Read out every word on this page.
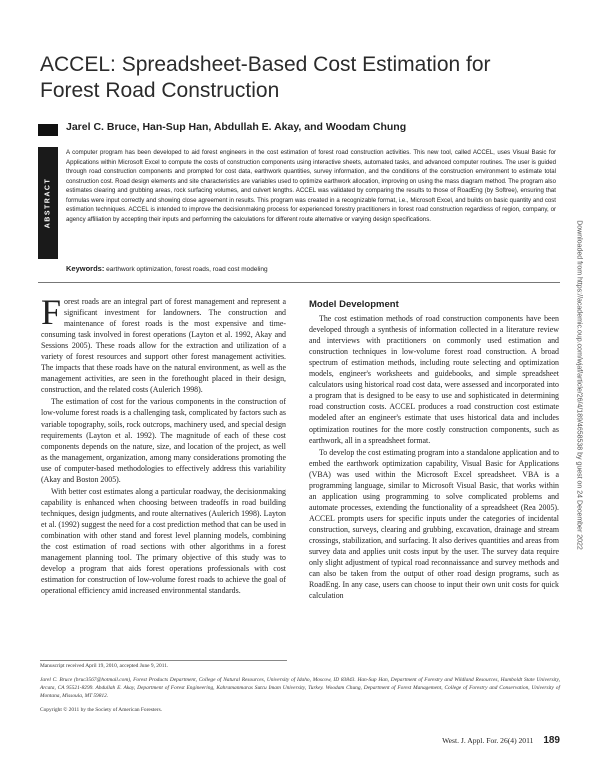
ACCEL: Spreadsheet-Based Cost Estimation for Forest Road Construction
Jarel C. Bruce, Han-Sup Han, Abdullah E. Akay, and Woodam Chung
ABSTRACT

A computer program has been developed to aid forest engineers in the cost estimation of forest road construction activities. This new tool, called ACCEL, uses Visual Basic for Applications within Microsoft Excel to compute the costs of construction components using interactive sheets, automated tasks, and advanced computer routines. The user is guided through road construction components and prompted for cost data, earthwork quantities, survey information, and the conditions of the construction environment to estimate total construction cost. Road design elements and site characteristics are variables used to optimize earthwork allocation, improving on using the mass diagram method. The program also estimates clearing and grubbing areas, rock surfacing volumes, and culvert lengths. ACCEL was validated by comparing the results to those of RoadEng (by Softree), ensuring that formulas were input correctly and showing close agreement in results. This program was created in a recognizable format, i.e., Microsoft Excel, and builds on basic quantity and cost estimation techniques. ACCEL is intended to improve the decisionmaking process for experienced forestry practitioners in forest road construction regardless of region, company, or agency affiliation by accepting their inputs and performing the calculations for different route alternative or varying design specifications.

Keywords: earthwork optimization, forest roads, road cost modeling

Forest roads are an integral part of forest management and represent a significant investment for landowners. The construction and maintenance of forest roads is the most expensive and time-consuming task involved in forest operations (Layton et al. 1992, Akay and Sessions 2005). These roads allow for the extraction and utilization of a variety of forest resources and support other forest management activities. The impacts that these roads have on the natural environment, as well as the management activities, are seen in the forethought placed in their design, construction, and the related costs (Aulerich 1998).

The estimation of cost for the various components in the construction of low-volume forest roads is a challenging task, complicated by factors such as variable topography, soils, rock outcrops, machinery used, and special design requirements (Layton et al. 1992). The magnitude of each of these cost components depends on the nature, size, and location of the project, as well as the management, organization, among many considerations promoting the use of computer-based methodologies to effectively address this variability (Akay and Boston 2005).

With better cost estimates along a particular roadway, the decisionmaking capability is enhanced when choosing between tradeoffs in road building techniques, design judgments, and route alternatives (Aulerich 1998). Layton et al. (1992) suggest the need for a cost prediction method that can be used in combination with other stand and forest level planning models, combining the cost estimation of road sections with other algorithms in a forest management planning tool. The primary objective of this study was to develop a program that aids forest operations professionals with cost estimation for construction of low-volume forest roads to achieve the goal of operational efficiency amid increased environmental standards.

Model Development

The cost estimation methods of road construction components have been developed through a synthesis of information collected in a literature review and interviews with practitioners on commonly used estimation and construction techniques in low-volume forest road construction. A broad spectrum of estimation methods, including route selecting and optimization models, engineer's worksheets and guidebooks, and simple spreadsheet calculators using historical road cost data, were assessed and incorporated into a program that is designed to be easy to use and sophisticated in determining road construction costs. ACCEL produces a road construction cost estimate modeled after an engineer's estimate that uses historical data and includes optimization routines for the more costly construction components, such as earthwork, all in a spreadsheet format.

To develop the cost estimating program into a standalone application and to embed the earthwork optimization capability, Visual Basic for Applications (VBA) was used within the Microsoft Excel spreadsheet. VBA is a programming language, similar to Microsoft Visual Basic, that works within an application using programming to solve complicated problems and automate processes, extending the functionality of a spreadsheet (Rea 2005). ACCEL prompts users for specific inputs under the categories of incidental construction, surveys, clearing and grubbing, excavation, drainage and stream crossings, stabilization, and surfacing. It also derives quantities and areas from survey data and applies unit costs input by the user. The survey data require only slight adjustment of typical road reconnaissance and survey methods and can also be taken from the output of other road design programs, such as RoadEng. In any case, users can choose to input their own unit costs for quick calculation

Manuscript received April 19, 2010, accepted June 9, 2011.

Jarel C. Bruce (bruc3567@hotmail.com), Forest Products Department, College of Natural Resources, University of Idaho, Moscow, ID 83843. Han-Sup Han, Department of Forestry and Wildland Resources, Humboldt State University, Arcata, CA 95521-8299. Abdullah E. Akay, Department of Forest Engineering, Kahramanmaras Sutcu Imam University, Turkey. Woodam Chung, Department of Forest Management, College of Forestry and Conservation, University of Montana, Missoula, MT 59812.

Copyright © 2011 by the Society of American Foresters.

West. J. Appl. For. 26(4) 2011 189
Downloaded from https://academic.oup.com/wjaf/article/26/4/189/4658538 by guest on 24 December 2022
